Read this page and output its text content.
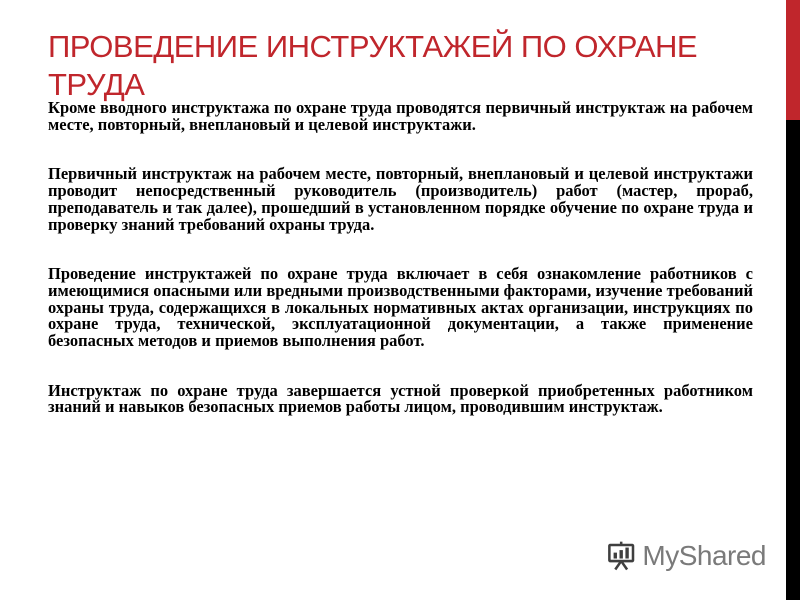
ПРОВЕДЕНИЕ ИНСТРУКТАЖЕЙ ПО ОХРАНЕ ТРУДА

Кроме вводного инструктажа по охране труда проводятся первичный инструктаж на рабочем месте, повторный, внеплановый и целевой инструктажи.

Первичный инструктаж на рабочем месте, повторный, внеплановый и целевой инструктажи проводит непосредственный руководитель (производитель) работ (мастер, прораб, преподаватель и так далее), прошедший в установленном порядке обучение по охране труда и проверку знаний требований охраны труда.

Проведение инструктажей по охране труда включает в себя ознакомление работников с имеющимися опасными или вредными производственными факторами, изучение требований охраны труда, содержащихся в локальных нормативных актах организации, инструкциях по охране труда, технической, эксплуатационной документации, а также применение безопасных методов и приемов выполнения работ.

Инструктаж по охране труда завершается устной проверкой приобретенных работником знаний и навыков безопасных приемов работы лицом, проводившим инструктаж.

MyShared
